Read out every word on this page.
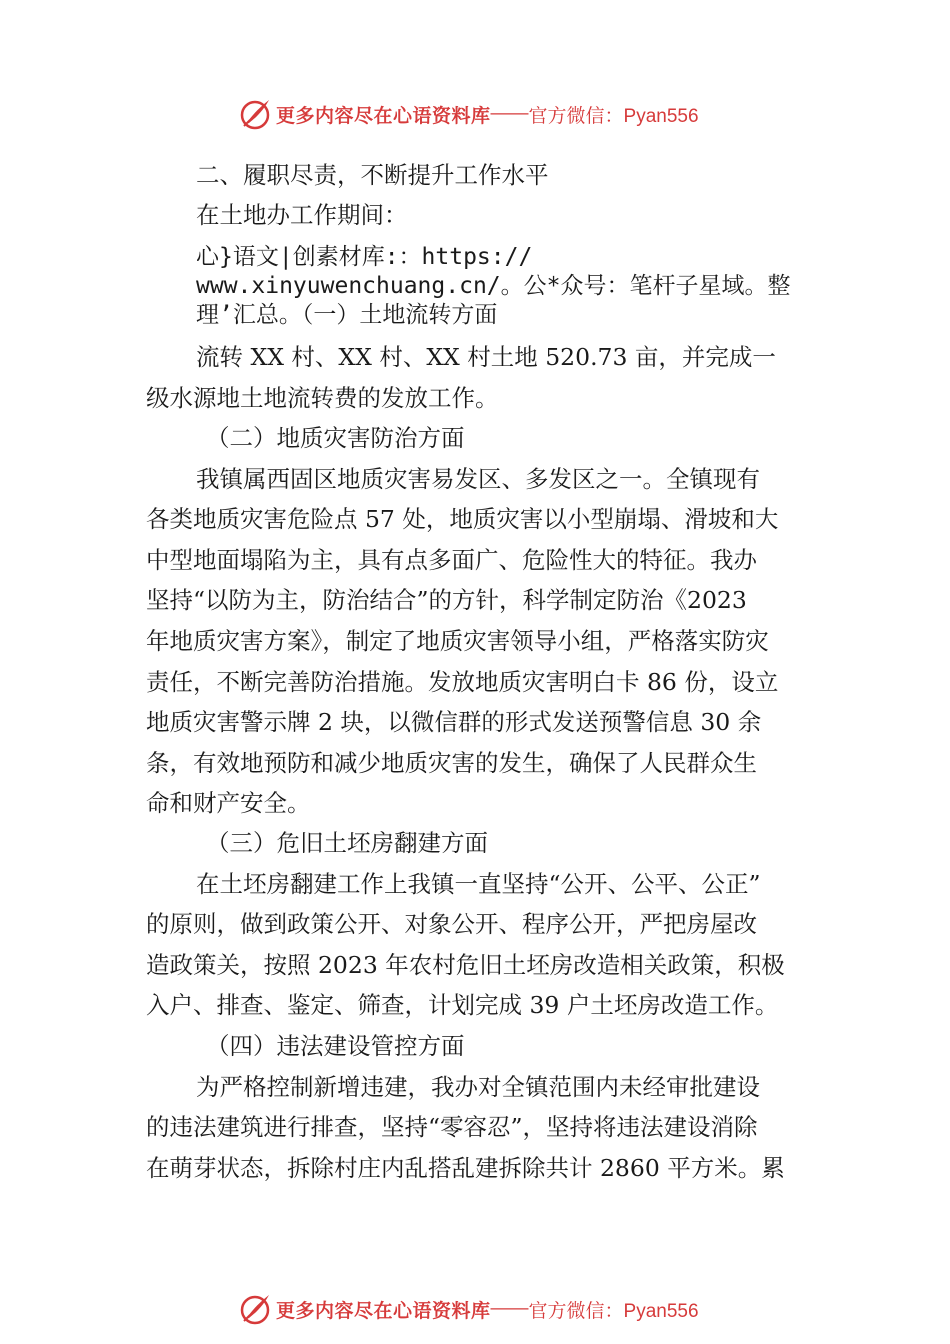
更多内容尽在心语资料库 —— 官方微信：Pyan556
二、履职尽责，不断提升工作水平
在土地办工作期间：
心}语文|创素材库:：https://
www.xinyuwenchuang.cn/。公*众号：笔杆子星域。整
理’汇总。（一）土地流转方面
流转 XX 村、XX 村、XX 村土地 520.73 亩，并完成一
级水源地土地流转费的发放工作。
（二）地质灾害防治方面
我镇属西固区地质灾害易发区、多发区之一。全镇现有
各类地质灾害危险点 57 处，地质灾害以小型崩塌、滑坡和大
中型地面塌陷为主，具有点多面广、危险性大的特征。我办
坚持“以防为主，防治结合”的方针，科学制定防治《2023
年地质灾害方案》，制定了地质灾害领导小组，严格落实防灾
责任，不断完善防治措施。发放地质灾害明白卡 86 份，设立
地质灾害警示牌 2 块，以微信群的形式发送预警信息 30 余
条，有效地预防和减少地质灾害的发生，确保了人民群众生
命和财产安全。
（三）危旧土坯房翻建方面
在土坯房翻建工作上我镇一直坚持“公开、公平、公正”
的原则，做到政策公开、对象公开、程序公开，严把房屋改
造政策关，按照 2023 年农村危旧土坯房改造相关政策，积极
入户、排查、鉴定、筛查，计划完成 39 户土坯房改造工作。
（四）违法建设管控方面
为严格控制新增违建，我办对全镇范围内未经审批建设
的违法建筑进行排查，坚持“零容忍”，坚持将违法建设消除
在萌芽状态，拆除村庄内乱搭乱建拆除共计 2860 平方米。累
更多内容尽在心语资料库 —— 官方微信：Pyan556
